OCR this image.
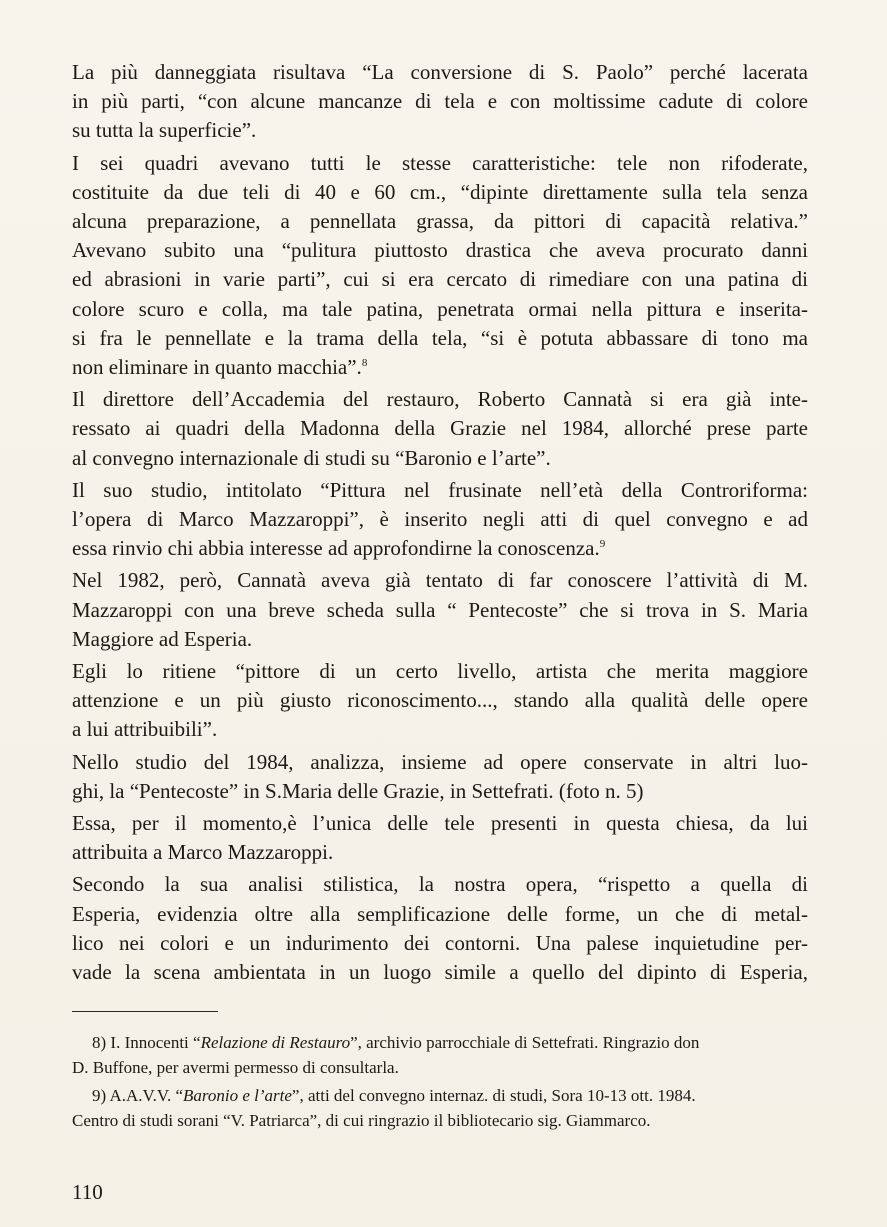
La più danneggiata risultava “La conversione di S. Paolo” perché lacerata
in più parti, “con alcune mancanze di tela e con moltissime cadute di colore
su tutta la superficie”.

I sei quadri avevano tutti le stesse caratteristiche: tele non rifoderate,
costituite da due teli di 40 e 60 cm., “dipinte direttamente sulla tela senza
alcuna preparazione, a pennellata grassa, da pittori di capacità relativa.”
Avevano subito una “pulitura piuttosto drastica che aveva procurato danni
ed abrasioni in varie parti”, cui si era cercato di rimediare con una patina di
colore scuro e colla, ma tale patina, penetrata ormai nella pittura e inserita-
si fra le pennellate e la trama della tela, “si è potuta abbassare di tono ma
non eliminare in quanto macchia”.$^8$

Il direttore dell’Accademia del restauro, Roberto Cannatà si era già inte-
ressato ai quadri della Madonna della Grazie nel 1984, allorché prese parte
al convegno internazionale di studi su “Baronio e l’arte”.

Il suo studio, intitolato “Pittura nel frusinate nell’età della Controriforma:
l’opera di Marco Mazzaroppi”, è inserito negli atti di quel convegno e ad
essa rinvio chi abbia interesse ad approfondirne la conoscenza.$^9$

Nel 1982, però, Cannatà aveva già tentato di far conoscere l’attività di M.
Mazzaroppi con una breve scheda sulla “ Pentecoste” che si trova in S. Maria
Maggiore ad Esperia.

Egli lo ritiene “pittore di un certo livello, artista che merita maggiore
attenzione e un più giusto riconoscimento..., stando alla qualità delle opere
a lui attribuibili”.

Nello studio del 1984, analizza, insieme ad opere conservate in altri luo-
ghi, la “Pentecoste” in S.Maria delle Grazie, in Settefrati. (foto n. 5)

Essa, per il momento,è l’unica delle tele presenti in questa chiesa, da lui
attribuita a Marco Mazzaroppi.

Secondo la sua analisi stilistica, la nostra opera, “rispetto a quella di
Esperia, evidenzia oltre alla semplificazione delle forme, un che di metal-
lico nei colori e un indurimento dei contorni. Una palese inquietudine per-
vade la scena ambientata in un luogo simile a quello del dipinto di Esperia,

8) I. Innocenti “Relazione di Restauro”, archivio parrocchiale di Settefrati. Ringrazio don
D. Buffone, per avermi permesso di consultarla.

9) A.A.V.V. “Baronio e l’arte”, atti del convegno internaz. di studi, Sora 10-13 ott. 1984.
Centro di studi sorani “V. Patriarca”, di cui ringrazio il bibliotecario sig. Giammarco.

110
